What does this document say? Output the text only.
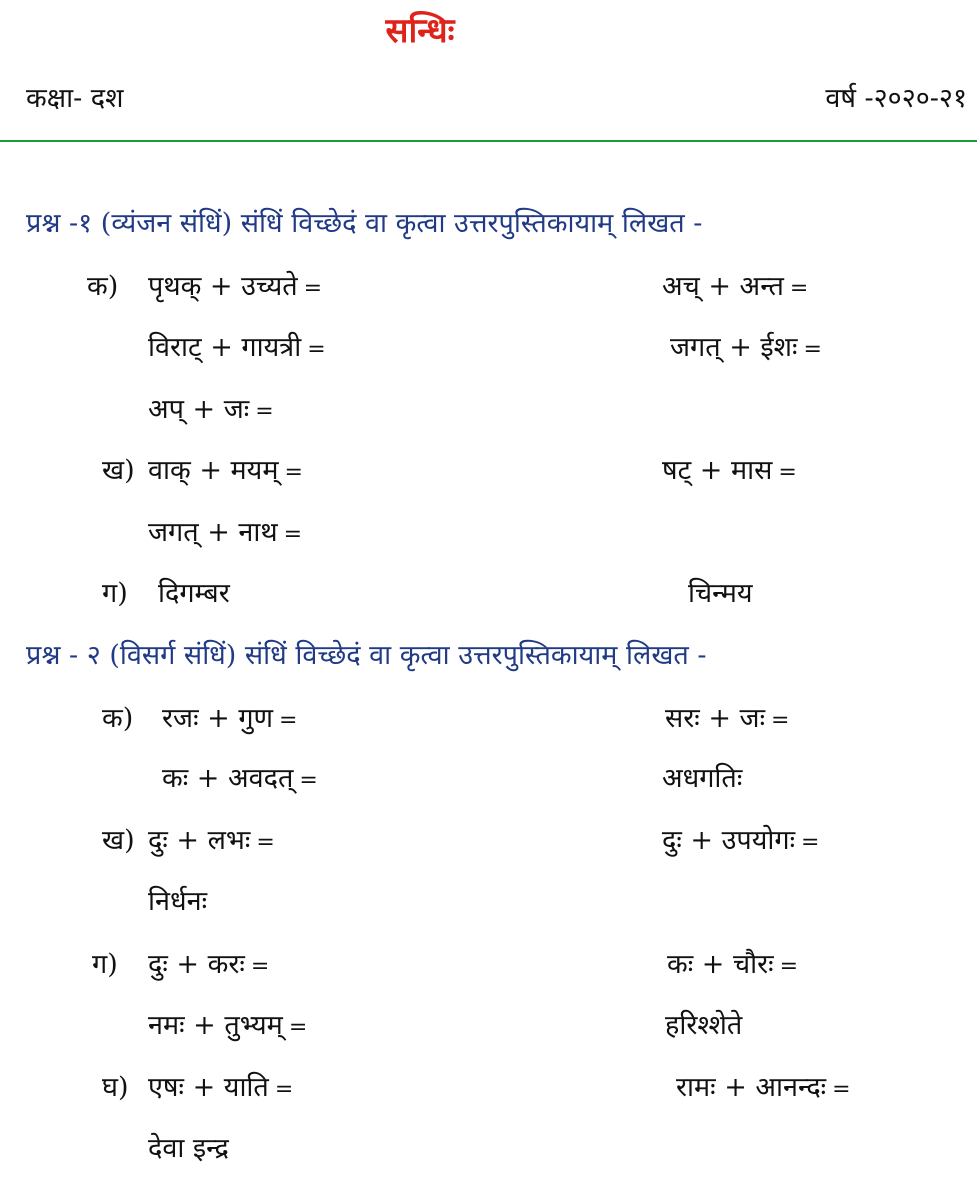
सन्धिः
कक्षा- दश	वर्ष -२०२०-२१
प्रश्न -१ (व्यंजन संधिं) संधिं विच्छेदं वा कृत्वा उत्तरपुस्तिकायाम् लिखत -
क) पृथक् + उच्यते =	अच् + अन्त =
विराट् + गायत्री =	जगत् + ईशः =
अप् + जः =
ख) वाक् + मयम् =	षट् + मास =
जगत् + नाथ =
ग) दिगम्बर	चिन्मय
प्रश्न - २ (विसर्ग संधिं) संधिं विच्छेदं वा कृत्वा उत्तरपुस्तिकायाम् लिखत -
क) रजः + गुण =	सरः + जः =
कः + अवदत् =	अधगतिः
ख) दुः + लभः =	दुः + उपयोगः =
निर्धनः
ग) दुः + करः =	कः + चौरः =
नमः + तुभ्यम् =	हरिश्शेते
घ) एषः + याति =	रामः + आनन्दः =
देवा इन्द्र
